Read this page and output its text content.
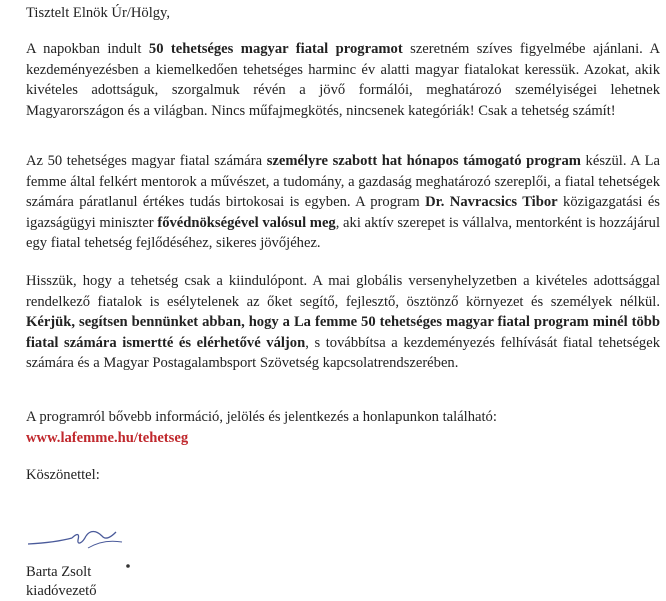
Tisztelt Elnök Úr/Hölgy,

A napokban indult 50 tehetséges magyar fiatal programot szeretném szíves figyelmébe ajánlani. A kezdeményezésben a kiemelkedően tehetséges harminc év alatti magyar fiatalokat keressük. Azokat, akik kivételes adottságuk, szorgalmuk révén a jövő formálói, meghatározó személyiségei lehetnek Magyarországon és a világban. Nincs műfajmegkötés, nincsenek kategóriák! Csak a tehetség számít!

Az 50 tehetséges magyar fiatal számára személyre szabott hat hónapos támogató program készül. A La femme által felkért mentorok a művészet, a tudomány, a gazdaság meghatározó szereplői, a fiatal tehetségek számára páratlanul értékes tudás birtokosai is egyben. A program Dr. Navracsics Tibor közigazgatási és igazságügyi miniszter fővédnökségével valósul meg, aki aktív szerepet is vállalva, mentorként is hozzájárul egy fiatal tehetség fejlődéséhez, sikeres jövőjéhez.

Hisszük, hogy a tehetség csak a kiindulópont. A mai globális versenyhelyzetben a kivételes adottsággal rendelkező fiatalok is esélytelenek az őket segítő, fejlesztő, ösztönző környezet és személyek nélkül. Kérjük, segítsen bennünket abban, hogy a La femme 50 tehetséges magyar fiatal program minél több fiatal számára ismertté és elérhetővé váljon, s továbbítsa a kezdeményezés felhívását fiatal tehetségek számára és a Magyar Postagalambsport Szövetség kapcsolatrendszerében.

A programról bővebb információ, jelölés és jelentkezés a honlapunkon található:
www.lafemme.hu/tehetseg

Köszönettel:

Barta Zsolt
kiadóvezető
